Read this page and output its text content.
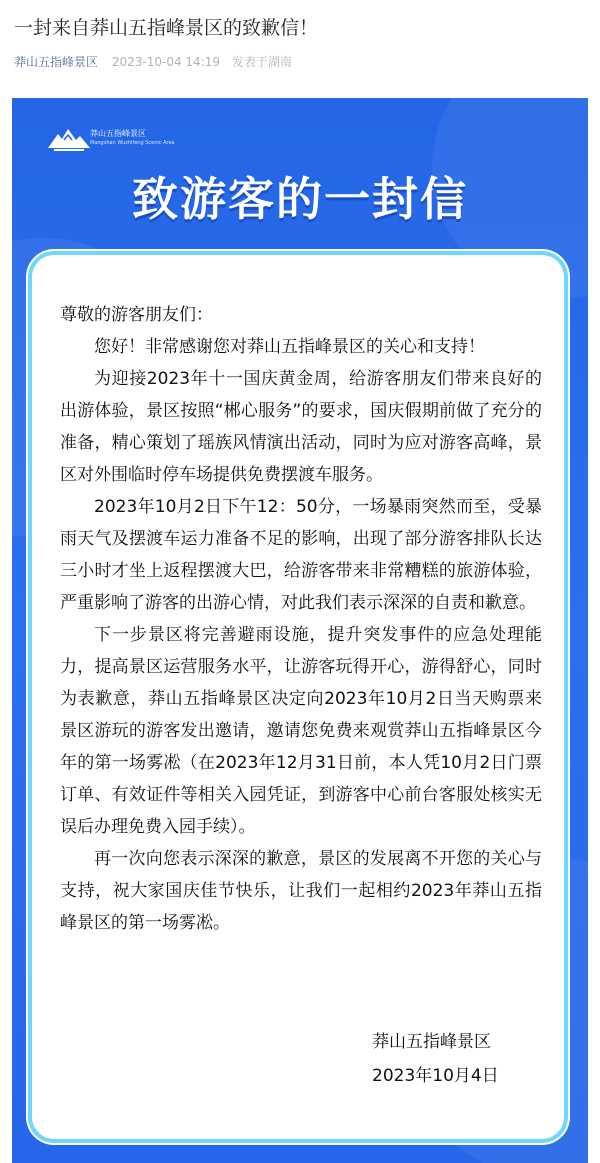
一封来自莽山五指峰景区的致歉信！
莽山五指峰景区 2023-10-04 14:19 发表于湖南
莽山五指峰景区
Mangshan Wuzhifeng Scenic Area
致游客的一封信

尊敬的游客朋友们：

您好！非常感谢您对莽山五指峰景区的关心和支持！

为迎接2023年十一国庆黄金周，给游客朋友们带来良好的出游体验，景区按照“郴心服务”的要求，国庆假期前做了充分的准备，精心策划了瑶族风情演出活动，同时为应对游客高峰，景区对外围临时停车场提供免费摆渡车服务。

2023年10月2日下午12：50分，一场暴雨突然而至，受暴雨天气及摆渡车运力准备不足的影响，出现了部分游客排队长达三小时才坐上返程摆渡大巴，给游客带来非常糟糕的旅游体验，严重影响了游客的出游心情，对此我们表示深深的自责和歉意。

下一步景区将完善避雨设施，提升突发事件的应急处理能力，提高景区运营服务水平，让游客玩得开心，游得舒心，同时为表歉意，莽山五指峰景区决定向2023年10月2日当天购票来景区游玩的游客发出邀请，邀请您免费来观赏莽山五指峰景区今年的第一场雾凇（在2023年12月31日前，本人凭10月2日门票订单、有效证件等相关入园凭证，到游客中心前台客服处核实无误后办理免费入园手续）。

再一次向您表示深深的歉意，景区的发展离不开您的关心与支持，祝大家国庆佳节快乐，让我们一起相约2023年莽山五指峰景区的第一场雾凇。

莽山五指峰景区
2023年10月4日
